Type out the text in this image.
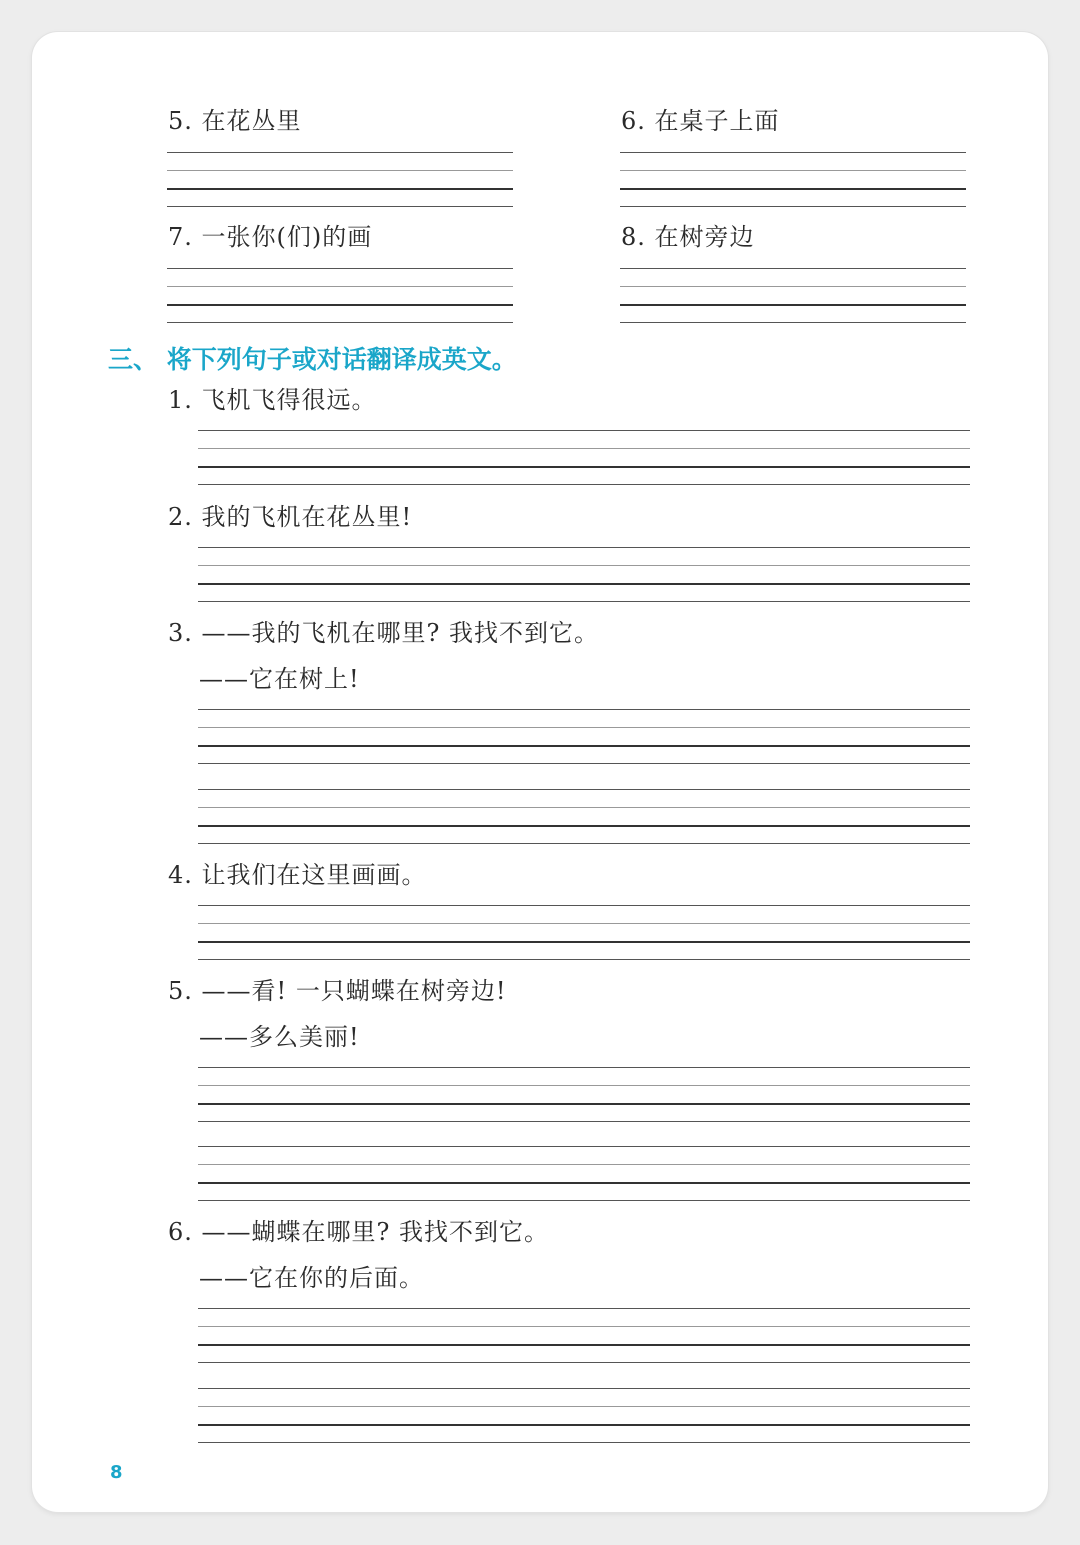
5. 在花丛里	6. 在桌子上面
7. 一张你(们)的画	8. 在树旁边
三、 将下列句子或对话翻译成英文。
1. 飞机飞得很远。
2. 我的飞机在花丛里!
3. ——我的飞机在哪里? 我找不到它。
——它在树上!
4. 让我们在这里画画。
5. ——看! 一只蝴蝶在树旁边!
——多么美丽!
6. ——蝴蝶在哪里? 我找不到它。
——它在你的后面。
8
